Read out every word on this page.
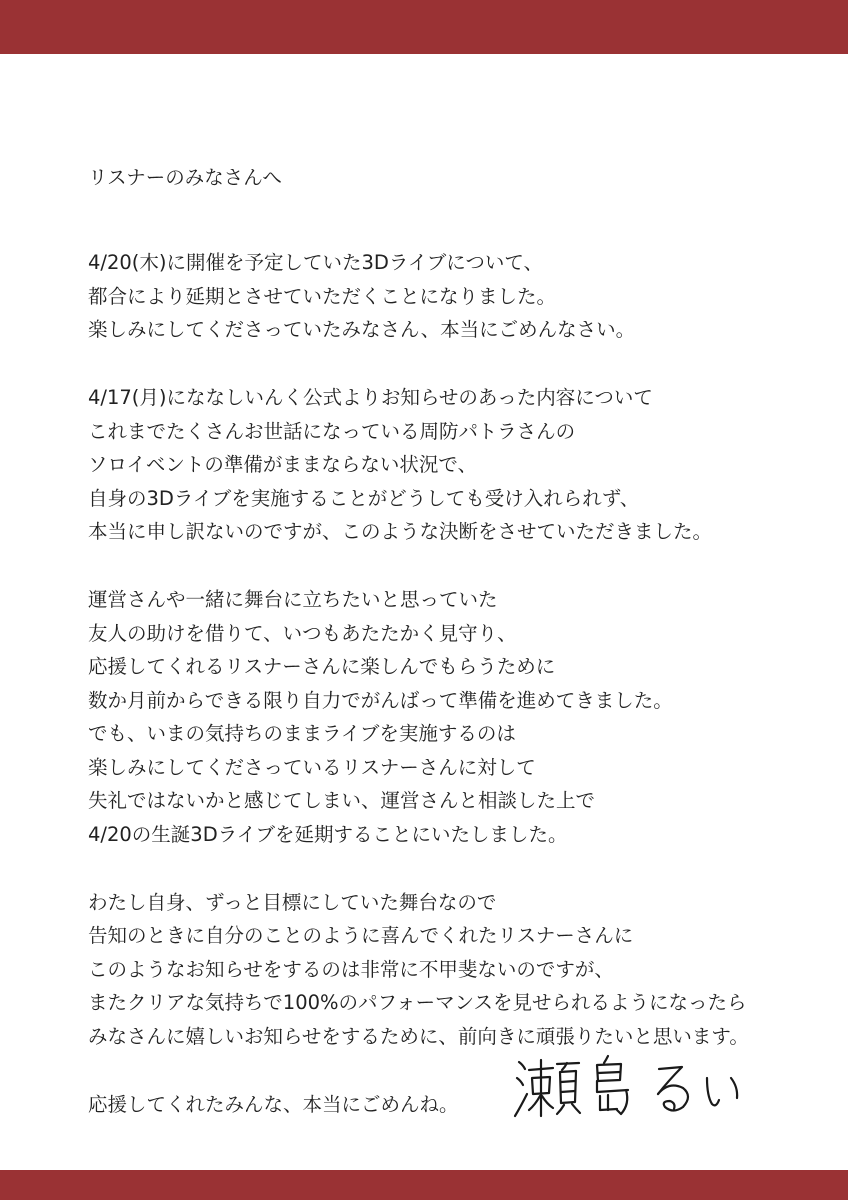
リスナーのみなさんへ
4/20(木)に開催を予定していた3Dライブについて、
都合により延期とさせていただくことになりました。
楽しみにしてくださっていたみなさん、本当にごめんなさい。
4/17(月)にななしいんく公式よりお知らせのあった内容について
これまでたくさんお世話になっている周防パトラさんの
ソロイベントの準備がままならない状況で、
自身の3Dライブを実施することがどうしても受け入れられず、
本当に申し訳ないのですが、このような決断をさせていただきました。
運営さんや一緒に舞台に立ちたいと思っていた
友人の助けを借りて、いつもあたたかく見守り、
応援してくれるリスナーさんに楽しんでもらうために
数か月前からできる限り自力でがんばって準備を進めてきました。
でも、いまの気持ちのままライブを実施するのは
楽しみにしてくださっているリスナーさんに対して
失礼ではないかと感じてしまい、運営さんと相談した上で
4/20の生誕3Dライブを延期することにいたしました。
わたし自身、ずっと目標にしていた舞台なので
告知のときに自分のことのように喜んでくれたリスナーさんに
このようなお知らせをするのは非常に不甲斐ないのですが、
またクリアな気持ちで100%のパフォーマンスを見せられるようになったら
みなさんに嬉しいお知らせをするために、前向きに頑張りたいと思います。
応援してくれたみんな、本当にごめんね。
